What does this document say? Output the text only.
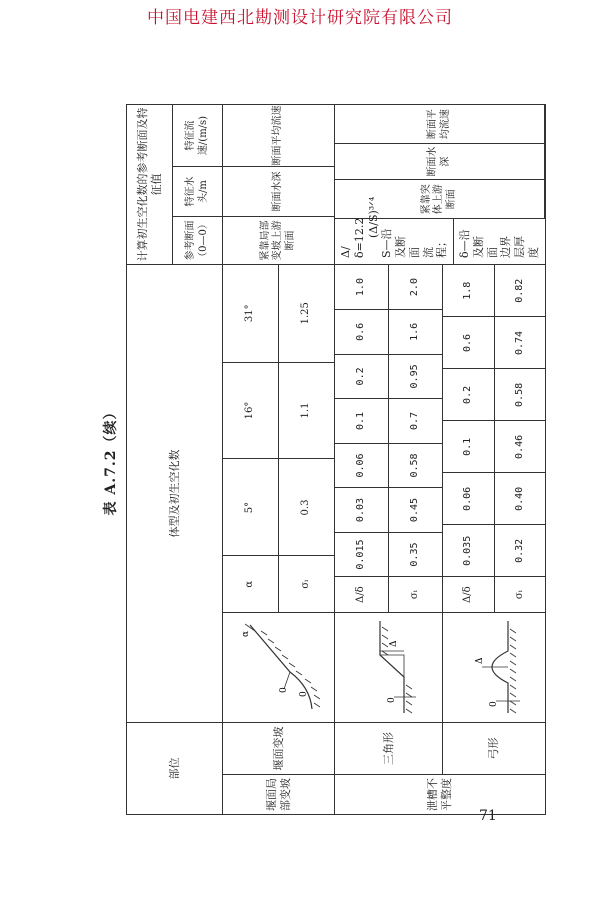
中国电建西北勘测设计研究院有限公司
表 A.7.2（续）
部位	体型及初生空化数	计算初生空化数的参考断面及特征值
参考断面（0—0）	特征水头/m	特征流速/(m/s)
堰面局部变坡	堰面变坡	
α
0
0

α	5°	16°	31°
σᵢ	0.3	1.1	1.25
	紧靠局部变坡上游断面	断面水深	断面平均流速
泄槽不平整度	三角形	
0
Δ

Δ/δ	0.015	0.03	0.06	0.1	0.2	0.6	1.0
σᵢ	0.35	0.45	0.58	0.7	0.95	1.6	2.0

Δ/δ=12.2 (Δ/S)³ᐟ⁴
S—沿及断面 流程；
	紧靠突体上游断面	断面水深	断面平均流速

δ—沿及断面 边界层厚度

弓形	
0
Δ

Δ/δ	0.035	0.06	0.1	0.2	0.6	1.8
σᵢ	0.32	0.40	0.46	0.58	0.74	0.82
71
